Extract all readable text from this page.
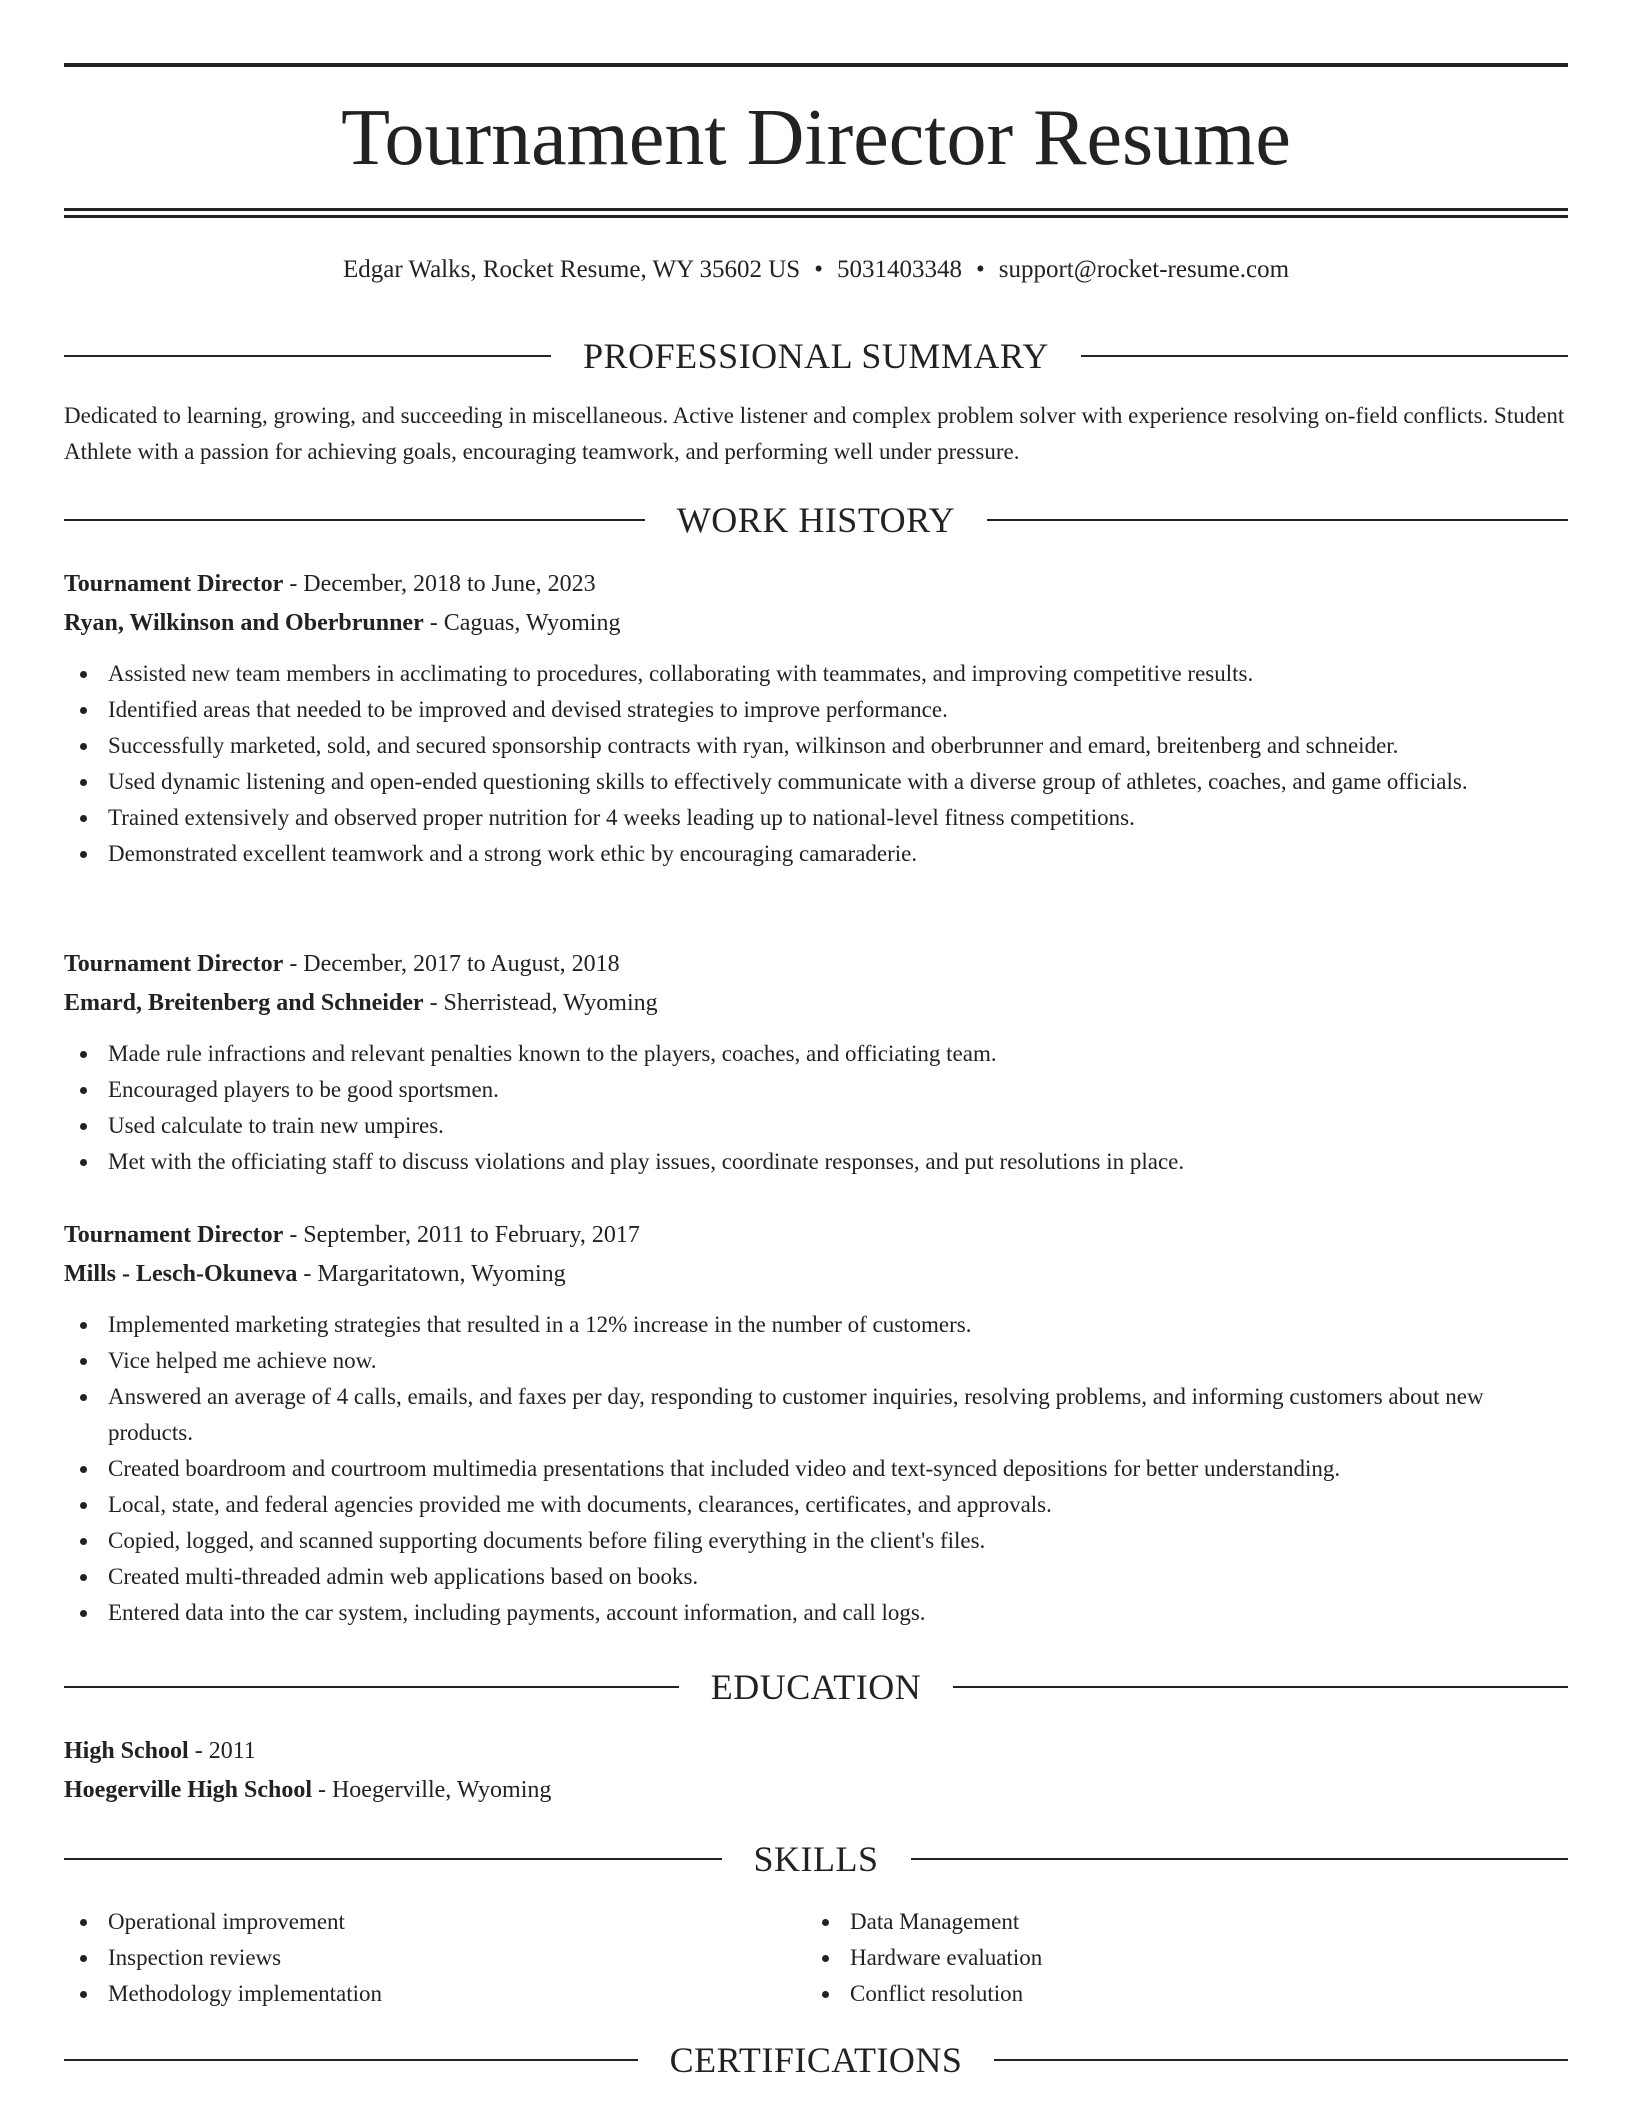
Tournament Director Resume
Edgar Walks, Rocket Resume, WY 35602 US • 5031403348 • support@rocket-resume.com
PROFESSIONAL SUMMARY
Dedicated to learning, growing, and succeeding in miscellaneous. Active listener and complex problem solver with experience resolving on-field conflicts. Student Athlete with a passion for achieving goals, encouraging teamwork, and performing well under pressure.
WORK HISTORY
Tournament Director - December, 2018 to June, 2023
Ryan, Wilkinson and Oberbrunner - Caguas, Wyoming
Assisted new team members in acclimating to procedures, collaborating with teammates, and improving competitive results.
Identified areas that needed to be improved and devised strategies to improve performance.
Successfully marketed, sold, and secured sponsorship contracts with ryan, wilkinson and oberbrunner and emard, breitenberg and schneider.
Used dynamic listening and open-ended questioning skills to effectively communicate with a diverse group of athletes, coaches, and game officials.
Trained extensively and observed proper nutrition for 4 weeks leading up to national-level fitness competitions.
Demonstrated excellent teamwork and a strong work ethic by encouraging camaraderie.
Tournament Director - December, 2017 to August, 2018
Emard, Breitenberg and Schneider - Sherristead, Wyoming
Made rule infractions and relevant penalties known to the players, coaches, and officiating team.
Encouraged players to be good sportsmen.
Used calculate to train new umpires.
Met with the officiating staff to discuss violations and play issues, coordinate responses, and put resolutions in place.
Tournament Director - September, 2011 to February, 2017
Mills - Lesch-Okuneva - Margaritatown, Wyoming
Implemented marketing strategies that resulted in a 12% increase in the number of customers.
Vice helped me achieve now.
Answered an average of 4 calls, emails, and faxes per day, responding to customer inquiries, resolving problems, and informing customers about new products.
Created boardroom and courtroom multimedia presentations that included video and text-synced depositions for better understanding.
Local, state, and federal agencies provided me with documents, clearances, certificates, and approvals.
Copied, logged, and scanned supporting documents before filing everything in the client's files.
Created multi-threaded admin web applications based on books.
Entered data into the car system, including payments, account information, and call logs.
EDUCATION
High School - 2011
Hoegerville High School - Hoegerville, Wyoming
SKILLS
Operational improvement
Inspection reviews
Methodology implementation
Data Management
Hardware evaluation
Conflict resolution
CERTIFICATIONS
